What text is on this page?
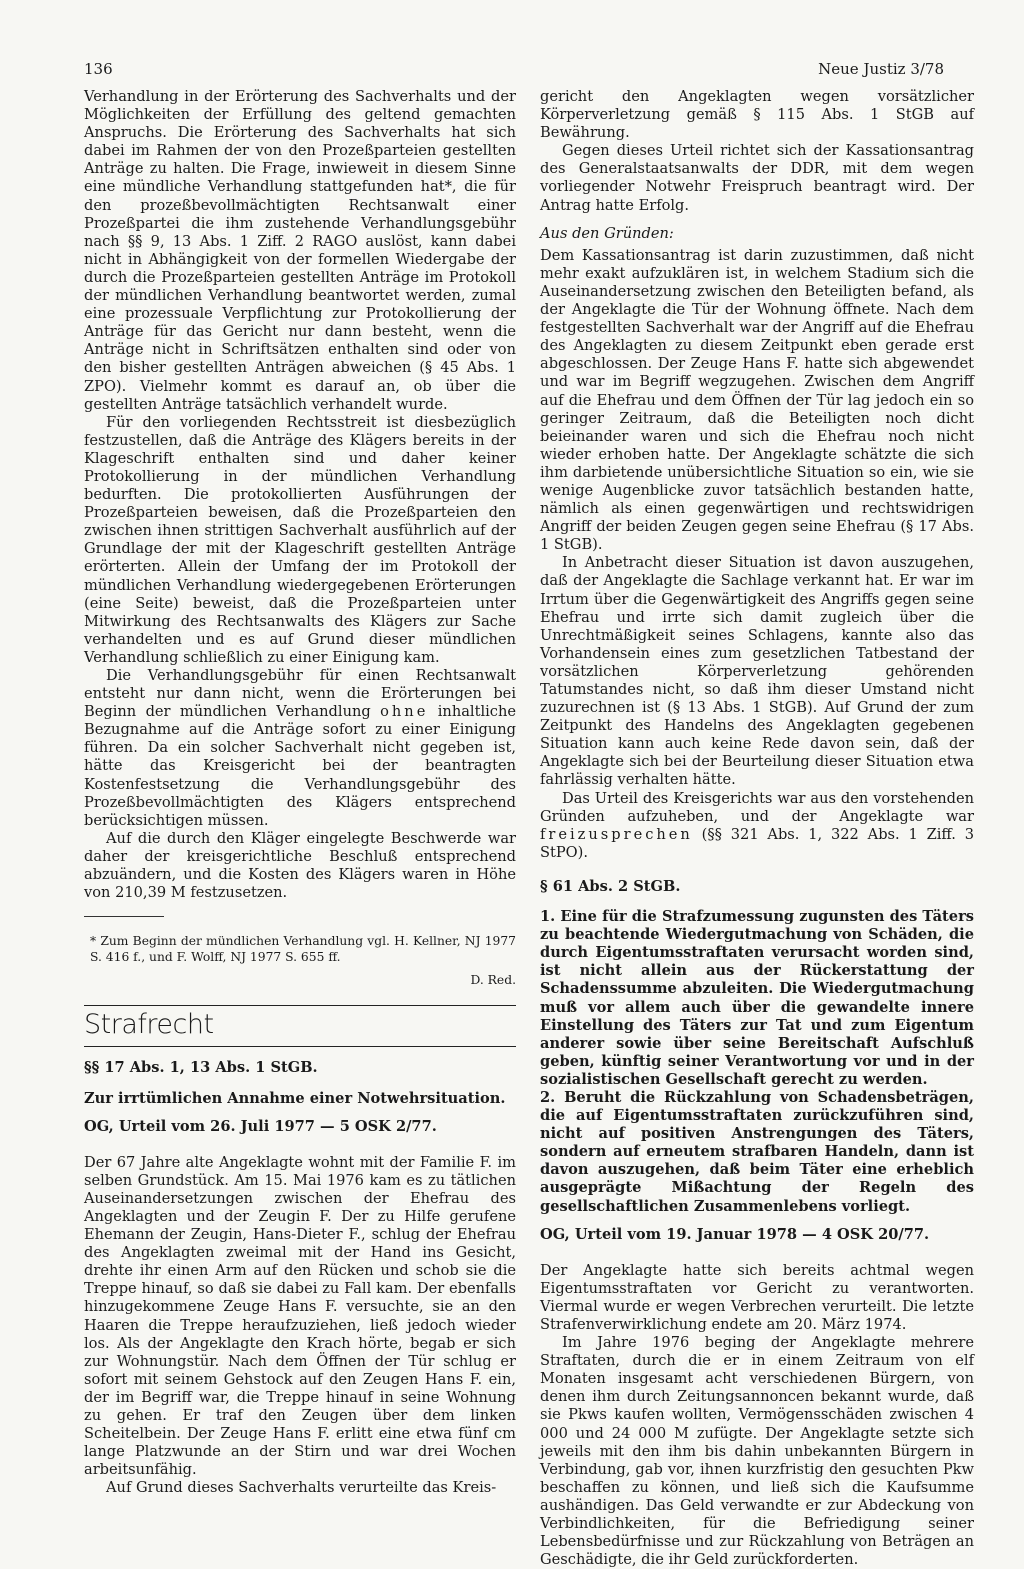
136	Neue Justiz 3/78

Verhandlung in der Erörterung des Sachverhalts und der Möglichkeiten der Erfüllung des geltend gemachten Anspruchs. Die Erörterung des Sachverhalts hat sich dabei im Rahmen der von den Prozeßparteien gestellten Anträge zu halten. Die Frage, inwieweit in diesem Sinne eine mündliche Verhandlung stattgefunden hat*, die für den prozeßbevollmächtigten Rechtsanwalt einer Prozeßpartei die ihm zustehende Verhandlungsgebühr nach §§ 9, 13 Abs. 1 Ziff. 2 RAGO auslöst, kann dabei nicht in Abhängigkeit von der formellen Wiedergabe der durch die Prozeßparteien gestellten Anträge im Protokoll der mündlichen Verhandlung beantwortet werden, zumal eine prozessuale Verpflichtung zur Protokollierung der Anträge für das Gericht nur dann besteht, wenn die Anträge nicht in Schriftsätzen enthalten sind oder von den bisher gestellten Anträgen abweichen (§ 45 Abs. 1 ZPO). Vielmehr kommt es darauf an, ob über die gestellten Anträge tatsächlich verhandelt wurde.

Für den vorliegenden Rechtsstreit ist diesbezüglich festzustellen, daß die Anträge des Klägers bereits in der Klageschrift enthalten sind und daher keiner Protokollierung in der mündlichen Verhandlung bedurften. Die protokollierten Ausführungen der Prozeßparteien beweisen, daß die Prozeßparteien den zwischen ihnen strittigen Sachverhalt ausführlich auf der Grundlage der mit der Klageschrift gestellten Anträge erörterten. Allein der Umfang der im Protokoll der mündlichen Verhandlung wiedergegebenen Erörterungen (eine Seite) beweist, daß die Prozeßparteien unter Mitwirkung des Rechtsanwalts des Klägers zur Sache verhandelten und es auf Grund dieser mündlichen Verhandlung schließlich zu einer Einigung kam.

Die Verhandlungsgebühr für einen Rechtsanwalt entsteht nur dann nicht, wenn die Erörterungen bei Beginn der mündlichen Verhandlung ohne inhaltliche Bezugnahme auf die Anträge sofort zu einer Einigung führen. Da ein solcher Sachverhalt nicht gegeben ist, hätte das Kreisgericht bei der beantragten Kostenfestsetzung die Verhandlungsgebühr des Prozeßbevollmächtigten des Klägers entsprechend berücksichtigen müssen.

Auf die durch den Kläger eingelegte Beschwerde war daher der kreisgerichtliche Beschluß entsprechend abzuändern, und die Kosten des Klägers waren in Höhe von 210,39 M festzusetzen.

* Zum Beginn der mündlichen Verhandlung vgl. H. Kellner, NJ 1977 S. 416 f., und F. Wolff, NJ 1977 S. 655 ff.
D. Red.
Strafrecht
§§ 17 Abs. 1, 13 Abs. 1 StGB.
Zur irrtümlichen Annahme einer Notwehrsituation.
OG, Urteil vom 26. Juli 1977 — 5 OSK 2/77.

Der 67 Jahre alte Angeklagte wohnt mit der Familie F. im selben Grundstück. Am 15. Mai 1976 kam es zu tätlichen Auseinandersetzungen zwischen der Ehefrau des Angeklagten und der Zeugin F. Der zu Hilfe gerufene Ehemann der Zeugin, Hans-Dieter F., schlug der Ehefrau des Angeklagten zweimal mit der Hand ins Gesicht, drehte ihr einen Arm auf den Rücken und schob sie die Treppe hinauf, so daß sie dabei zu Fall kam. Der ebenfalls hinzugekommene Zeuge Hans F. versuchte, sie an den Haaren die Treppe heraufzuziehen, ließ jedoch wieder los. Als der Angeklagte den Krach hörte, begab er sich zur Wohnungstür. Nach dem Öffnen der Tür schlug er sofort mit seinem Gehstock auf den Zeugen Hans F. ein, der im Begriff war, die Treppe hinauf in seine Wohnung zu gehen. Er traf den Zeugen über dem linken Scheitelbein. Der Zeuge Hans F. erlitt eine etwa fünf cm lange Platzwunde an der Stirn und war drei Wochen arbeitsunfähig.

Auf Grund dieses Sachverhalts verurteilte das Kreis-

gericht den Angeklagten wegen vorsätzlicher Körperverletzung gemäß § 115 Abs. 1 StGB auf Bewährung.

Gegen dieses Urteil richtet sich der Kassationsantrag des Generalstaatsanwalts der DDR, mit dem wegen vorliegender Notwehr Freispruch beantragt wird. Der Antrag hatte Erfolg.

Aus den Gründen:

Dem Kassationsantrag ist darin zuzustimmen, daß nicht mehr exakt aufzuklären ist, in welchem Stadium sich die Auseinandersetzung zwischen den Beteiligten befand, als der Angeklagte die Tür der Wohnung öffnete. Nach dem festgestellten Sachverhalt war der Angriff auf die Ehefrau des Angeklagten zu diesem Zeitpunkt eben gerade erst abgeschlossen. Der Zeuge Hans F. hatte sich abgewendet und war im Begriff wegzugehen. Zwischen dem Angriff auf die Ehefrau und dem Öffnen der Tür lag jedoch ein so geringer Zeitraum, daß die Beteiligten noch dicht beieinander waren und sich die Ehefrau noch nicht wieder erhoben hatte. Der Angeklagte schätzte die sich ihm darbietende unübersichtliche Situation so ein, wie sie wenige Augenblicke zuvor tatsächlich bestanden hatte, nämlich als einen gegenwärtigen und rechtswidrigen Angriff der beiden Zeugen gegen seine Ehefrau (§ 17 Abs. 1 StGB).

In Anbetracht dieser Situation ist davon auszugehen, daß der Angeklagte die Sachlage verkannt hat. Er war im Irrtum über die Gegenwärtigkeit des Angriffs gegen seine Ehefrau und irrte sich damit zugleich über die Unrechtmäßigkeit seines Schlagens, kannte also das Vorhandensein eines zum gesetzlichen Tatbestand der vorsätzlichen Körperverletzung gehörenden Tatumstandes nicht, so daß ihm dieser Umstand nicht zuzurechnen ist (§ 13 Abs. 1 StGB). Auf Grund der zum Zeitpunkt des Handelns des Angeklagten gegebenen Situation kann auch keine Rede davon sein, daß der Angeklagte sich bei der Beurteilung dieser Situation etwa fahrlässig verhalten hätte.

Das Urteil des Kreisgerichts war aus den vorstehenden Gründen aufzuheben, und der Angeklagte war freizusprechen (§§ 321 Abs. 1, 322 Abs. 1 Ziff. 3 StPO).

§ 61 Abs. 2 StGB.

1. Eine für die Strafzumessung zugunsten des Täters zu beachtende Wiedergutmachung von Schäden, die durch Eigentumsstraftaten verursacht worden sind, ist nicht allein aus der Rückerstattung der Schadenssumme abzuleiten. Die Wiedergutmachung muß vor allem auch über die gewandelte innere Einstellung des Täters zur Tat und zum Eigentum anderer sowie über seine Bereitschaft Aufschluß geben, künftig seiner Verantwortung vor und in der sozialistischen Gesellschaft gerecht zu werden.

2. Beruht die Rückzahlung von Schadensbeträgen, die auf Eigentumsstraftaten zurückzuführen sind, nicht auf positiven Anstrengungen des Täters, sondern auf erneutem strafbaren Handeln, dann ist davon auszugehen, daß beim Täter eine erheblich ausgeprägte Mißachtung der Regeln des gesellschaftlichen Zusammenlebens vorliegt.

OG, Urteil vom 19. Januar 1978 — 4 OSK 20/77.

Der Angeklagte hatte sich bereits achtmal wegen Eigentumsstraftaten vor Gericht zu verantworten. Viermal wurde er wegen Verbrechen verurteilt. Die letzte Strafenverwirklichung endete am 20. März 1974.

Im Jahre 1976 beging der Angeklagte mehrere Straftaten, durch die er in einem Zeitraum von elf Monaten insgesamt acht verschiedenen Bürgern, von denen ihm durch Zeitungsannoncen bekannt wurde, daß sie Pkws kaufen wollten, Vermögensschäden zwischen 4 000 und 24 000 M zufügte. Der Angeklagte setzte sich jeweils mit den ihm bis dahin unbekannten Bürgern in Verbindung, gab vor, ihnen kurzfristig den gesuchten Pkw beschaffen zu können, und ließ sich die Kaufsumme aushändigen. Das Geld verwandte er zur Abdeckung von Verbindlichkeiten, für die Befriedigung seiner Lebensbedürfnisse und zur Rückzahlung von Beträgen an Geschädigte, die ihr Geld zurückforderten.
